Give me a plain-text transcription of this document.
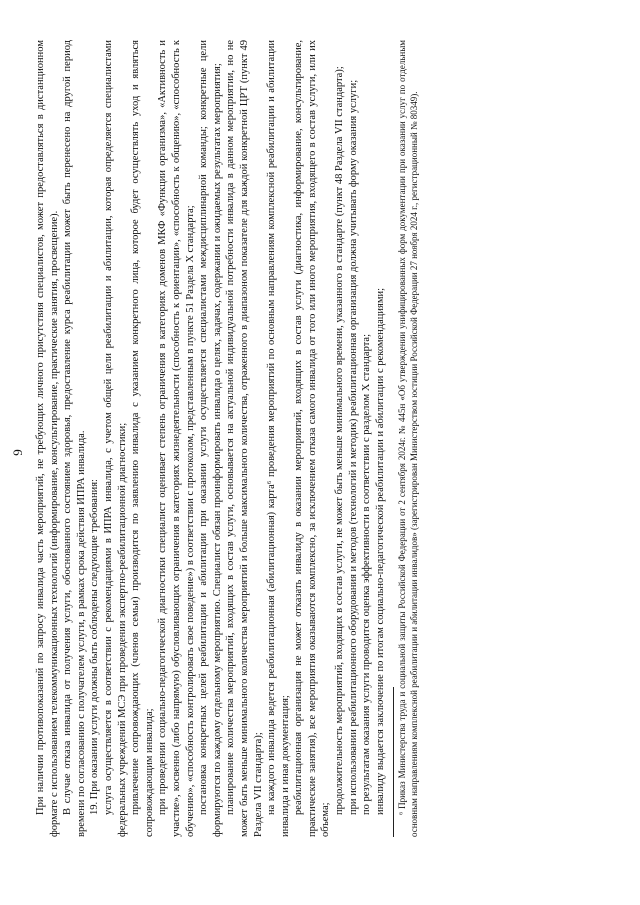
9 При наличии противопоказаний по запросу инвалида часть мероприятий, не требующих личного присутствия специалистов, может предоставляться в дистанционном формате с использованием телекоммуникационных технологий (информирование, консультирование, практические занятия, просвещение). В случае отказа инвалида от получения услуги, обоснованного состоянием здоровья, предоставление курса реабилитации может быть перенесено на другой период времени по согласованию с получателем услуги, в рамках срока действия ИПРА инвалида. 19. При оказании услуги должны быть соблюдены следующие требования: услуга осуществляется в соответствии с рекомендациями в ИПРА инвалида, с учетом общей цели реабилитации и абилитации, которая определяется специалистами федеральных учреждений МСЭ при проведении экспертно-реабилитационной диагностики; привлечение сопровождающих (членов семьи) производится по заявлению инвалида с указанием конкретного лица, которое будет осуществлять уход и являться сопровождающим инвалида; при проведении социально-педагогической диагностики специалист оценивает степень ограничения в категориях доменов МКФ «Функции организма», «Активность и участие», косвенно (либо напрямую) обусловливающих ограничения в категориях жизнедеятельности (способность к ориентации», «способность к общению», «способность к обучению», «способность контролировать свое поведение») в соответствии с протоколом, представленным в пункте 51 Раздела X стандарта; постановка конкретных целей реабилитации и абилитации при оказании услуги осуществляется специалистами междисциплинарной команды; конкретные цели формируются по каждому отдельному мероприятию. Специалист обязан проинформировать инвалида о целях, задачах, содержании и ожидаемых результатах мероприятия; планирование количества мероприятий, входящих в состав услуги, основывается на актуальной индивидуальной потребности инвалида в данном мероприятии, но не может быть меньше минимального количества мероприятий и больше максимального количества, отраженного в диапазоном показателе для каждой конкретной ЦРТ (пункт 49 Раздела VII стандарта); на каждого инвалида ведется реабилитационная (абилитационная) карта⁶ проведения мероприятий по основным направлениям комплексной реабилитации и абилитации инвалида и иная документация; реабилитационная организация не может отказать инвалиду в оказании мероприятий, входящих в состав услуги (диагностика, информирование, консультирование, практические занятия), все мероприятия оказываются комплексно, за исключением отказа самого инвалида от того или иного мероприятия, входящего в состав услуги, или их объема;

продолжительность мероприятий, входящих в состав услуги, не может быть меньше минимального времени, указанного в стандарте (пункт 48 Раздела VII стандарта); при использовании реабилитационного оборудования и методов (технологий и методик) реабилитационная организация должна учитывать форму оказания услуги; по результатам оказания услуги проводится оценка эффективности в соответствии с разделом X стандарта; инвалиду выдается заключение по итогам социально-педагогической реабилитации и абилитации с рекомендациями; ⁶ Приказ Министерства труда и социальной защиты Российской Федерации от 2 сентября 2024г. № 445н «Об утверждении унифицированных форм документации при оказании услуг по отдельным основным направлениям комплексной реабилитации и абилитации инвалидов» (зарегистрирован Министерством юстиции Российской Федерации 27 ноября 2024 г., регистрационный № 80349).
